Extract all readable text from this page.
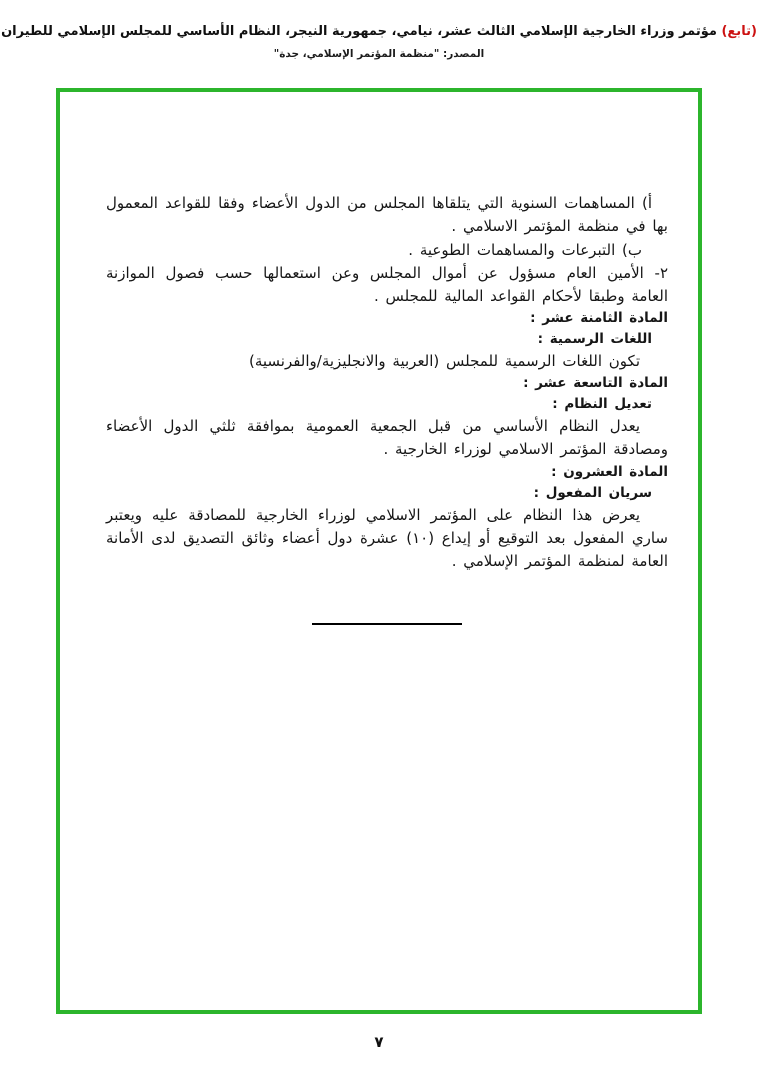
(تابع) مؤتمر وزراء الخارجية الإسلامي الثالث عشر، نيامي، جمهورية النيجر، النظام الأساسي للمجلس الإسلامي للطيران
المصدر: "منظمة المؤتمر الإسلامي، جدة"

أ) المساهمات السنوية التي يتلقاها المجلس من الدول الأعضاء وفقا للقواعد المعمول بها في منظمة المؤتمر الاسلامي .

ب) التبرعات والمساهمات الطوعية .

٢- الأمين العام مسؤول عن أموال المجلس وعن استعمالها حسب فصول الموازنة العامة وطبقا لأحكام القواعد المالية للمجلس .

المادة الثامنة عشر :

اللغات الرسمية :

تكون اللغات الرسمية للمجلس (العربية والانجليزية/والفرنسية)

المادة التاسعة عشر :

تعديل النظام :

يعدل النظام الأساسي من قبل الجمعية العمومية بموافقة ثلثي الدول الأعضاء ومصادقة المؤتمر الاسلامي لوزراء الخارجية .

المادة العشرون :

سريان المفعول :

يعرض هذا النظام على المؤتمر الاسلامي لوزراء الخارجية للمصادقة عليه ويعتبر ساري المفعول بعد التوقيع أو إيداع (١٠) عشرة دول أعضاء وثائق التصديق لدى الأمانة العامة لمنظمة المؤتمر الإسلامي .

٧
